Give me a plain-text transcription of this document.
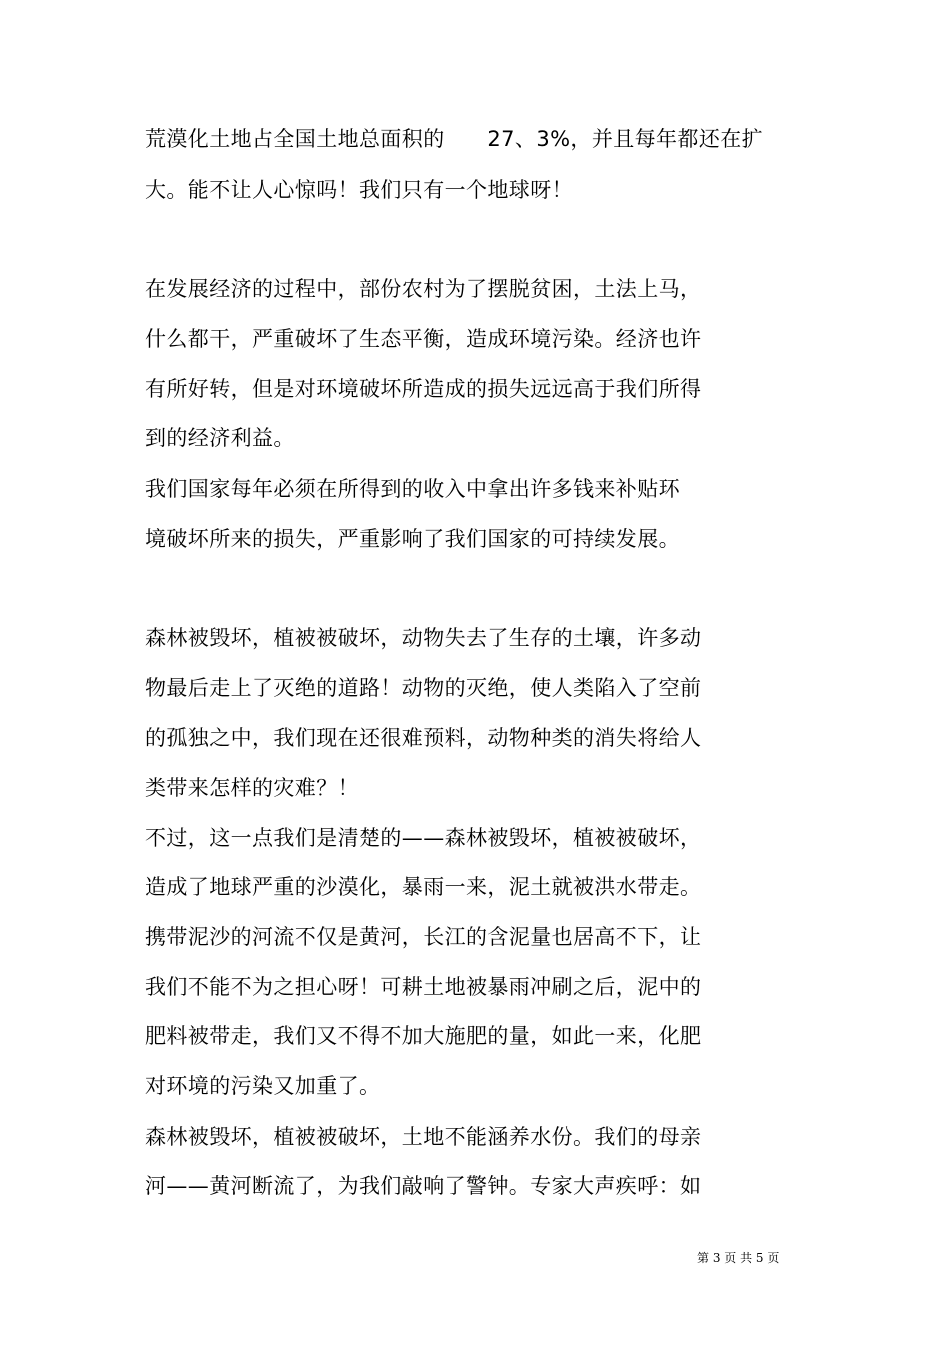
荒漠化土地占全国土地总面积的　　27、3%，并且每年都还在扩
大。能不让人心惊吗！我们只有一个地球呀！
在发展经济的过程中，部份农村为了摆脱贫困，土法上马，
什么都干，严重破坏了生态平衡，造成环境污染。经济也许
有所好转，但是对环境破坏所造成的损失远远高于我们所得
到的经济利益。
我们国家每年必须在所得到的收入中拿出许多钱来补贴环
境破坏所来的损失，严重影响了我们国家的可持续发展。
森林被毁坏，植被被破坏，动物失去了生存的土壤，许多动
物最后走上了灭绝的道路！动物的灭绝，使人类陷入了空前
的孤独之中，我们现在还很难预料，动物种类的消失将给人
类带来怎样的灾难？！
不过，这一点我们是清楚的——森林被毁坏，植被被破坏，
造成了地球严重的沙漠化，暴雨一来，泥土就被洪水带走。
携带泥沙的河流不仅是黄河，长江的含泥量也居高不下，让
我们不能不为之担心呀！可耕土地被暴雨冲刷之后，泥中的
肥料被带走，我们又不得不加大施肥的量，如此一来，化肥
对环境的污染又加重了。
森林被毁坏，植被被破坏，土地不能涵养水份。我们的母亲
河——黄河断流了，为我们敲响了警钟。专家大声疾呼：如
第 3 页 共 5 页
